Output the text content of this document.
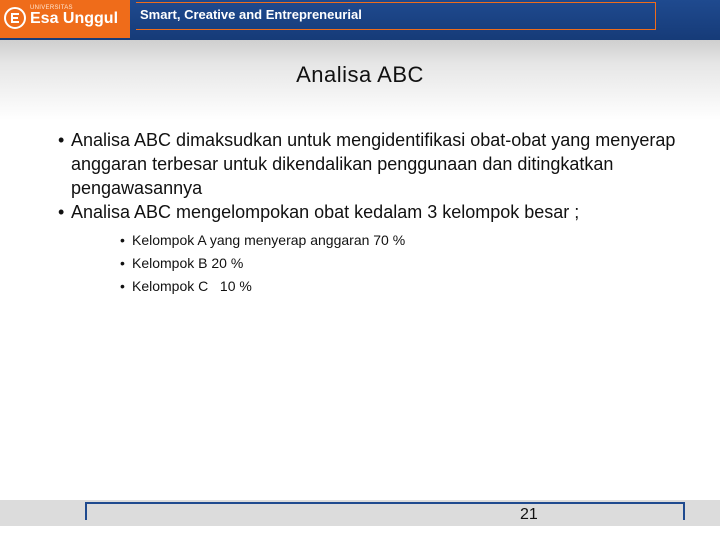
UNIVERSITAS
Esa Unggul Smart, Creative and Entrepreneurial
Analisa ABC
• Analisa ABC dimaksudkan untuk mengidentifikasi obat-obat yang menyerap anggaran terbesar untuk dikendalikan penggunaan dan ditingkatkan pengawasannya
• Analisa ABC mengelompokan obat kedalam 3 kelompok besar ;
• Kelompok A yang menyerap anggaran 70 %
• Kelompok B 20 %
• Kelompok C   10 %
21
